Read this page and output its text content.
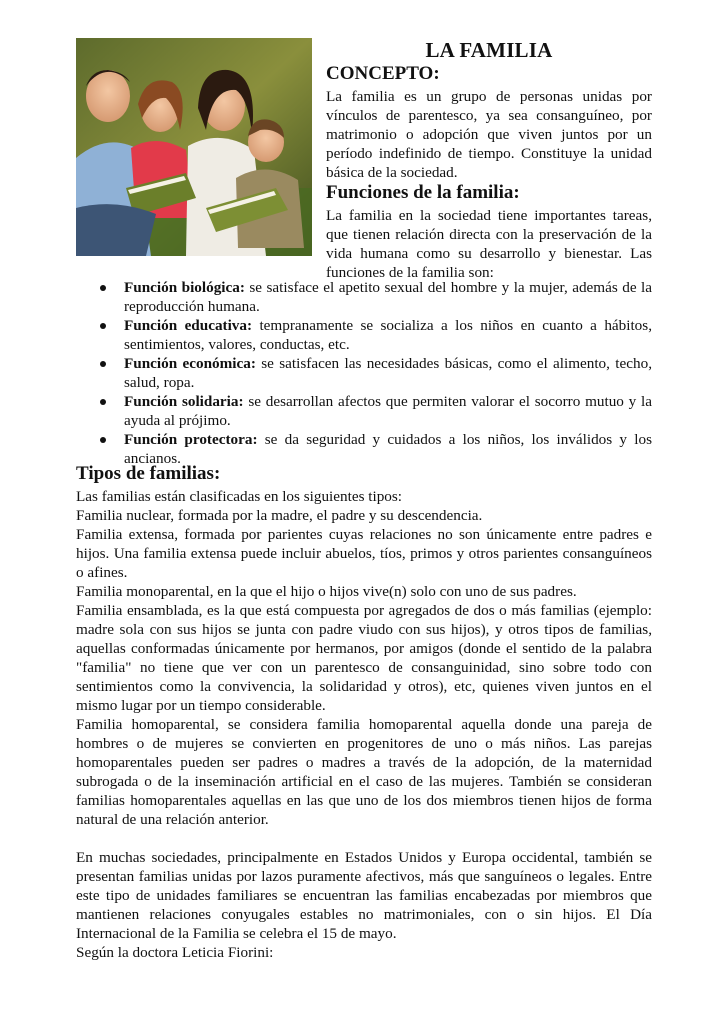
LA FAMILIA
CONCEPTO:
La familia es un grupo de personas unidas por vínculos de parentesco, ya sea consanguíneo, por matrimonio o adopción que viven juntos por un período indefinido de tiempo. Constituye la unidad básica de la sociedad.
Funciones de la familia:
La familia en la sociedad tiene importantes tareas, que tienen relación directa con la preservación de la vida humana como su desarrollo y bienestar. Las funciones de la familia son:
Función biológica: se satisface el apetito sexual del hombre y la mujer, además de la reproducción humana.
Función educativa: tempranamente se socializa a los niños en cuanto a hábitos, sentimientos, valores, conductas, etc.
Función económica: se satisfacen las necesidades básicas, como el alimento, techo, salud, ropa.
Función solidaria: se desarrollan afectos que permiten valorar el socorro mutuo y la ayuda al prójimo.
Función protectora: se da seguridad y cuidados a los niños, los inválidos y los ancianos.
Tipos de familias:

Las familias están clasificadas en los siguientes tipos:

Familia nuclear, formada por la madre, el padre y su descendencia.

Familia extensa, formada por parientes cuyas relaciones no son únicamente entre padres e hijos. Una familia extensa puede incluir abuelos, tíos, primos y otros parientes consanguíneos o afines.

Familia monoparental, en la que el hijo o hijos vive(n) solo con uno de sus padres.

Familia ensamblada, es la que está compuesta por agregados de dos o más familias (ejemplo: madre sola con sus hijos se junta con padre viudo con sus hijos), y otros tipos de familias, aquellas conformadas únicamente por hermanos, por amigos (donde el sentido de la palabra "familia" no tiene que ver con un parentesco de consanguinidad, sino sobre todo con sentimientos como la convivencia, la solidaridad y otros), etc, quienes viven juntos en el mismo lugar por un tiempo considerable.

Familia homoparental, se considera familia homoparental aquella donde una pareja de hombres o de mujeres se convierten en progenitores de uno o más niños. Las parejas homoparentales pueden ser padres o madres a través de la adopción, de la maternidad subrogada o de la inseminación artificial en el caso de las mujeres. También se consideran familias homoparentales aquellas en las que uno de los dos miembros tienen hijos de forma natural de una relación anterior.

En muchas sociedades, principalmente en Estados Unidos y Europa occidental, también se presentan familias unidas por lazos puramente afectivos, más que sanguíneos o legales. Entre este tipo de unidades familiares se encuentran las familias encabezadas por miembros que mantienen relaciones conyugales estables no matrimoniales, con o sin hijos. El Día Internacional de la Familia se celebra el 15 de mayo.

Según la doctora Leticia Fiorini:
